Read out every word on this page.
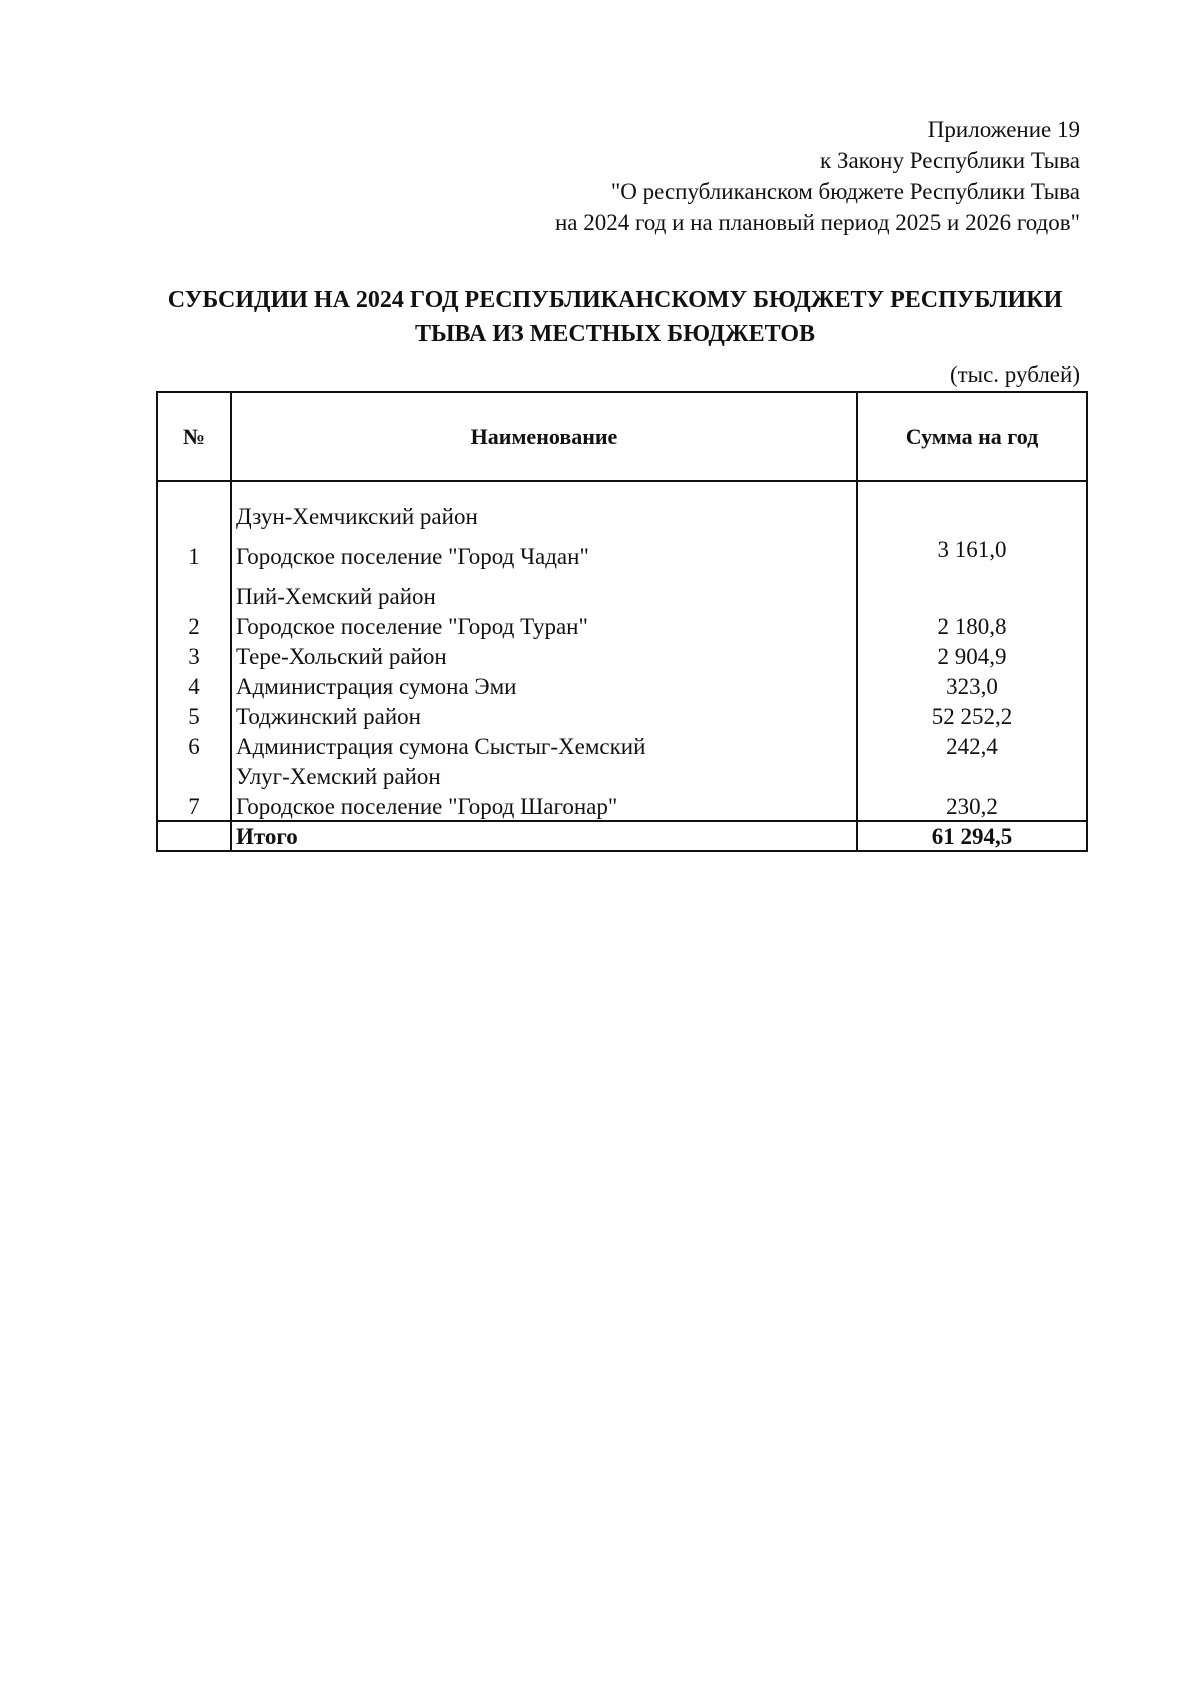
Приложение 19
к Закону Республики Тыва
"О республиканском бюджете Республики Тыва
на 2024 год и на плановый период 2025 и 2026 годов"
СУБСИДИИ НА 2024 ГОД РЕСПУБЛИКАНСКОМУ БЮДЖЕТУ РЕСПУБЛИКИ
ТЫВА ИЗ МЕСТНЫХ БЮДЖЕТОВ
(тыс. рублей)
№	Наименование	Сумма на год

	Дзун-Хемчикский район	
1	Городское поселение "Город Чадан"	3 161,0
	Пий-Хемский район	
2	Городское поселение "Город Туран"	2 180,8
3	Тере-Хольский район	2 904,9
4	Администрация сумона Эми	323,0
5	Тоджинский район	52 252,2
6	Администрация сумона Сыстыг-Хемский	242,4
	Улуг-Хемский район	
7	Городское поселение "Город Шагонар"	230,2
	Итого	61 294,5
